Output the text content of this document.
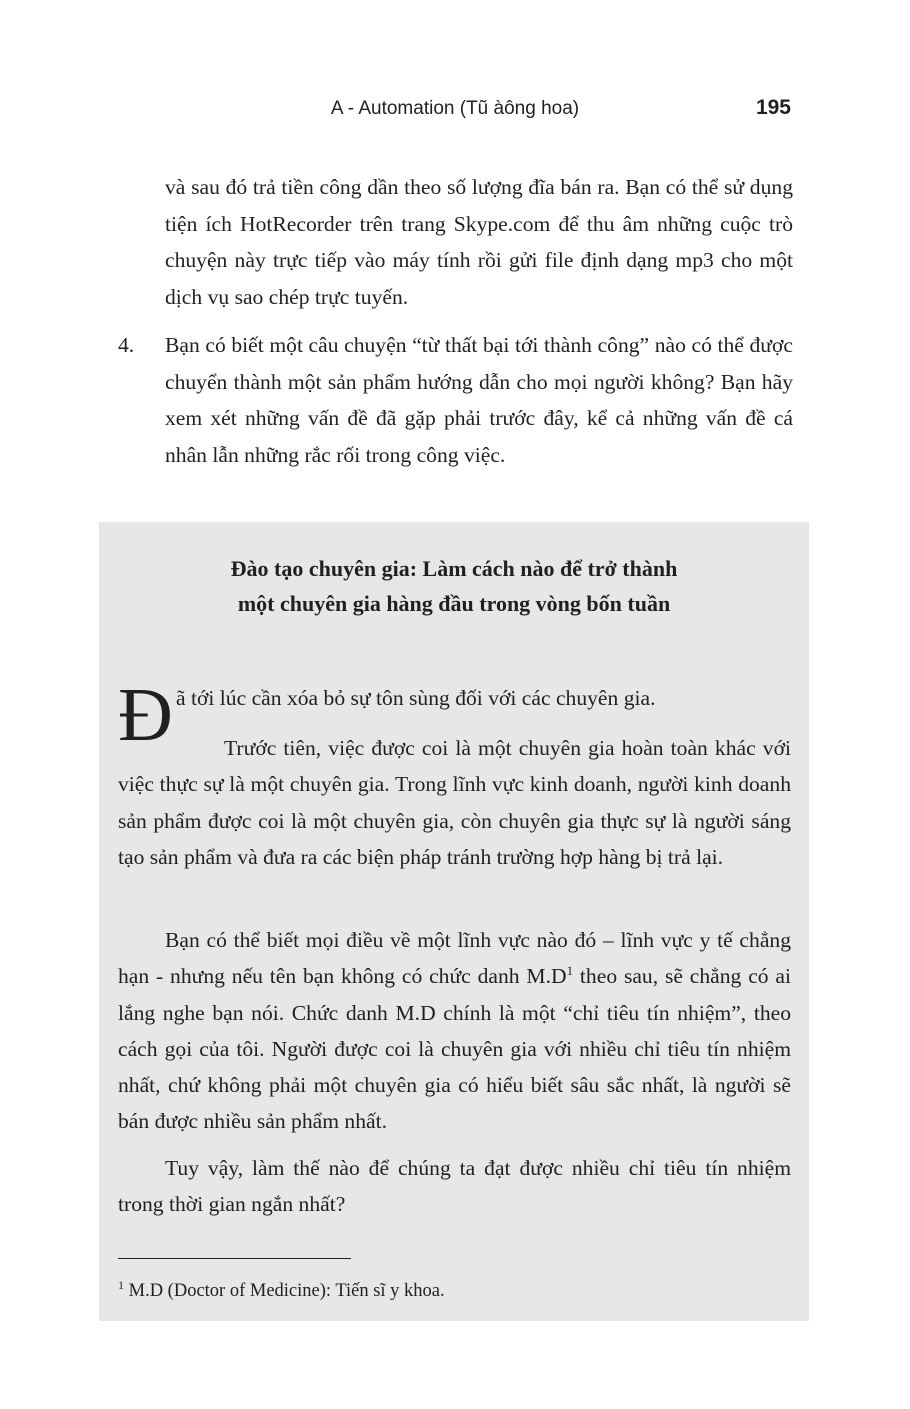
A - Automation (Tũ àông hoa)	195
và sau đó trả tiền công dần theo số lượng đĩa bán ra. Bạn có thể sử dụng tiện ích HotRecorder trên trang Skype.com để thu âm những cuộc trò chuyện này trực tiếp vào máy tính rồi gửi file định dạng mp3 cho một dịch vụ sao chép trực tuyến.
4. Bạn có biết một câu chuyện “từ thất bại tới thành công” nào có thể được chuyển thành một sản phẩm hướng dẫn cho mọi người không? Bạn hãy xem xét những vấn đề đã gặp phải trước đây, kể cả những vấn đề cá nhân lẫn những rắc rối trong công việc.
Đào tạo chuyên gia: Làm cách nào để trở thành
một chuyên gia hàng đầu trong vòng bốn tuần
Đ ã tới lúc cần xóa bỏ sự tôn sùng đối với các chuyên gia.
Trước tiên, việc được coi là một chuyên gia hoàn toàn khác với việc thực sự là một chuyên gia. Trong lĩnh vực kinh doanh, người kinh doanh sản phẩm được coi là một chuyên gia, còn chuyên gia thực sự là người sáng tạo sản phẩm và đưa ra các biện pháp tránh trường hợp hàng bị trả lại.
Bạn có thể biết mọi điều về một lĩnh vực nào đó – lĩnh vực y tế chẳng hạn - nhưng nếu tên bạn không có chức danh $M.D^1$ theo sau, sẽ chẳng có ai lắng nghe bạn nói. Chức danh M.D chính là một “chỉ tiêu tín nhiệm”, theo cách gọi của tôi. Người được coi là chuyên gia với nhiều chỉ tiêu tín nhiệm nhất, chứ không phải một chuyên gia có hiểu biết sâu sắc nhất, là người sẽ bán được nhiều sản phẩm nhất.
Tuy vậy, làm thế nào để chúng ta đạt được nhiều chỉ tiêu tín nhiệm trong thời gian ngắn nhất?
$^1$ M.D (Doctor of Medicine): Tiến sĩ y khoa.
